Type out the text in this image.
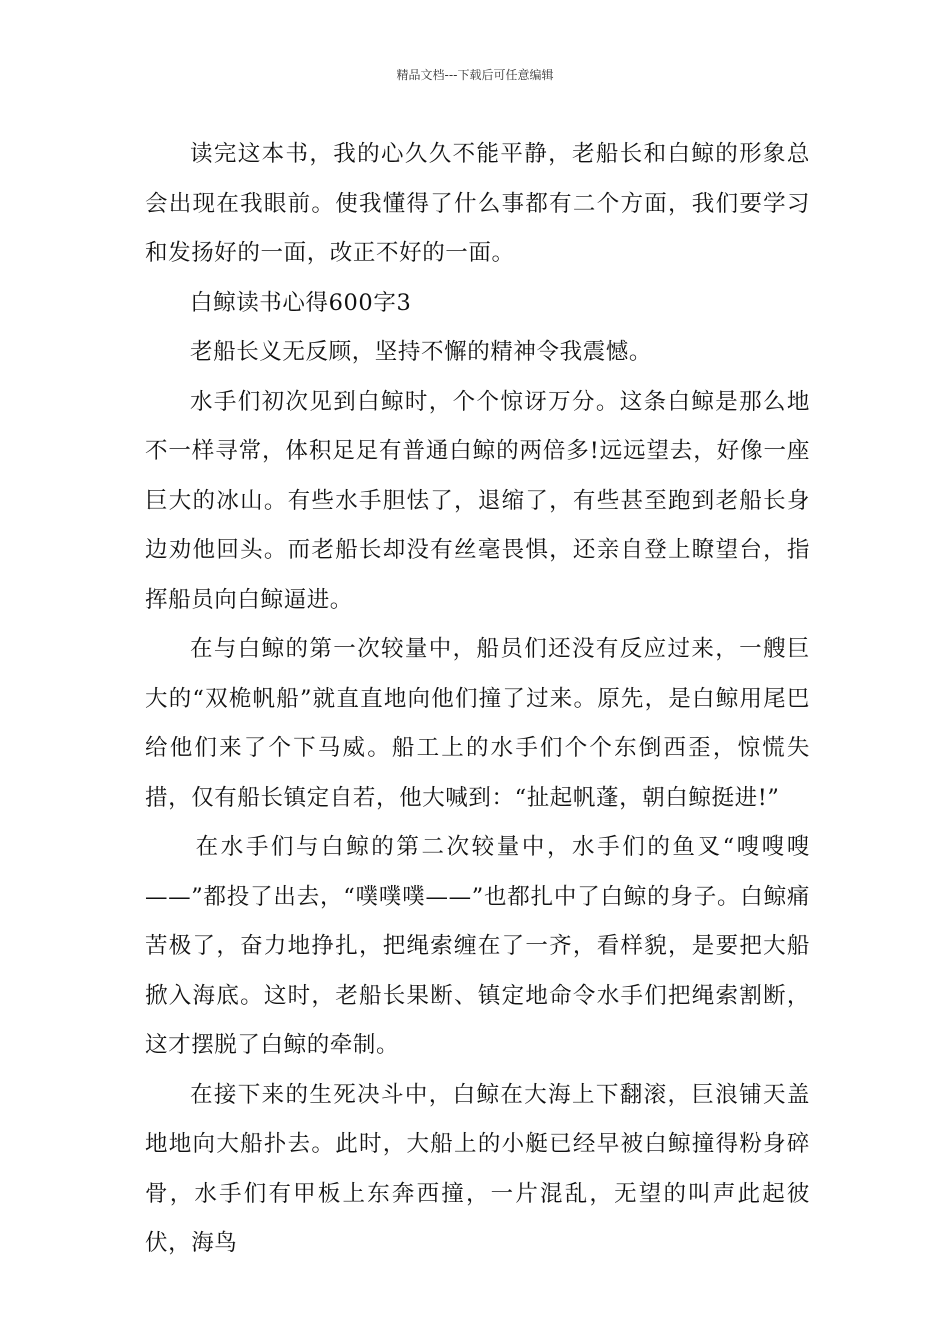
精品文档---下载后可任意编辑

读完这本书，我的心久久不能平静，老船长和白鲸的形象总会出现在我眼前。使我懂得了什么事都有二个方面，我们要学习和发扬好的一面，改正不好的一面。

白鲸读书心得600字3

老船长义无反顾，坚持不懈的精神令我震憾。

水手们初次见到白鲸时，个个惊讶万分。这条白鲸是那么地不一样寻常，体积足足有普通白鲸的两倍多!远远望去，好像一座巨大的冰山。有些水手胆怯了，退缩了，有些甚至跑到老船长身边劝他回头。而老船长却没有丝毫畏惧，还亲自登上瞭望台，指挥船员向白鲸逼进。

在与白鲸的第一次较量中，船员们还没有反应过来，一艘巨大的“双桅帆船”就直直地向他们撞了过来。原先，是白鲸用尾巴给他们来了个下马威。船工上的水手们个个东倒西歪，惊慌失措，仅有船长镇定自若，他大喊到：“扯起帆蓬，朝白鲸挺进!”

在水手们与白鲸的第二次较量中，水手们的鱼叉“嗖嗖嗖——”都投了出去，“噗噗噗——”也都扎中了白鲸的身子。白鲸痛苦极了，奋力地挣扎，把绳索缠在了一齐，看样貌，是要把大船掀入海底。这时，老船长果断、镇定地命令水手们把绳索割断，这才摆脱了白鲸的牵制。

在接下来的生死决斗中，白鲸在大海上下翻滚，巨浪铺天盖地地向大船扑去。此时，大船上的小艇已经早被白鲸撞得粉身碎骨，水手们有甲板上东奔西撞，一片混乱，无望的叫声此起彼伏，海鸟
